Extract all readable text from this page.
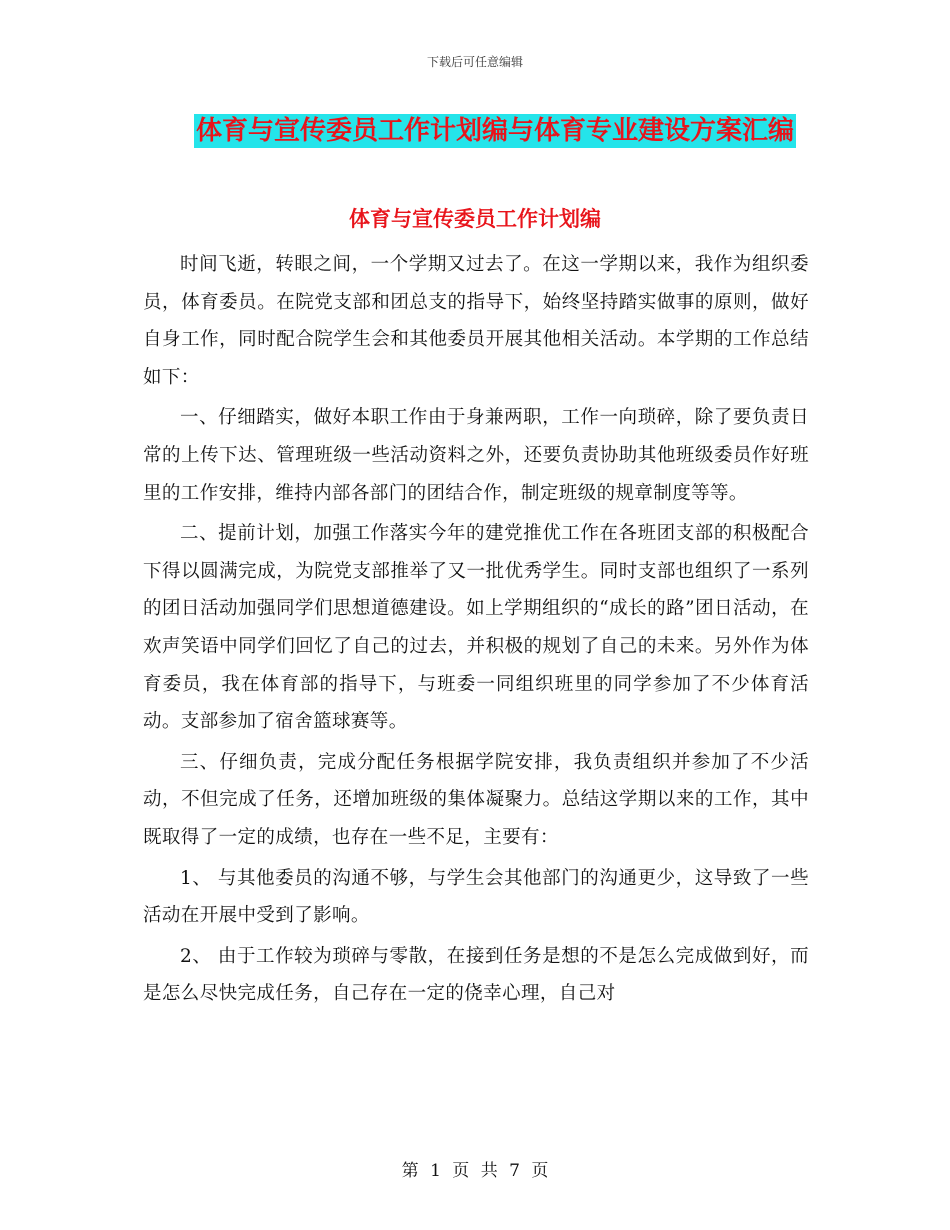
下载后可任意编辑
体育与宣传委员工作计划编与体育专业建设方案汇编
体育与宣传委员工作计划编

时间飞逝，转眼之间，一个学期又过去了。在这一学期以来，我作为组织委员，体育委员。在院党支部和团总支的指导下，始终坚持踏实做事的原则，做好自身工作，同时配合院学生会和其他委员开展其他相关活动。本学期的工作总结如下：

一、仔细踏实，做好本职工作由于身兼两职，工作一向琐碎，除了要负责日常的上传下达、管理班级一些活动资料之外，还要负责协助其他班级委员作好班里的工作安排，维持内部各部门的团结合作，制定班级的规章制度等等。

二、提前计划，加强工作落实今年的建党推优工作在各班团支部的积极配合下得以圆满完成，为院党支部推举了又一批优秀学生。同时支部也组织了一系列的团日活动加强同学们思想道德建设。如上学期组织的“成长的路”团日活动，在欢声笑语中同学们回忆了自己的过去，并积极的规划了自己的未来。另外作为体育委员，我在体育部的指导下，与班委一同组织班里的同学参加了不少体育活动。支部参加了宿舍篮球赛等。

三、仔细负责，完成分配任务根据学院安排，我负责组织并参加了不少活动，不但完成了任务，还增加班级的集体凝聚力。总结这学期以来的工作，其中既取得了一定的成绩，也存在一些不足，主要有：

1、 与其他委员的沟通不够，与学生会其他部门的沟通更少，这导致了一些活动在开展中受到了影响。

2、 由于工作较为琐碎与零散，在接到任务是想的不是怎么完成做到好，而是怎么尽快完成任务，自己存在一定的侥幸心理，自己对

第 1 页 共 7 页
